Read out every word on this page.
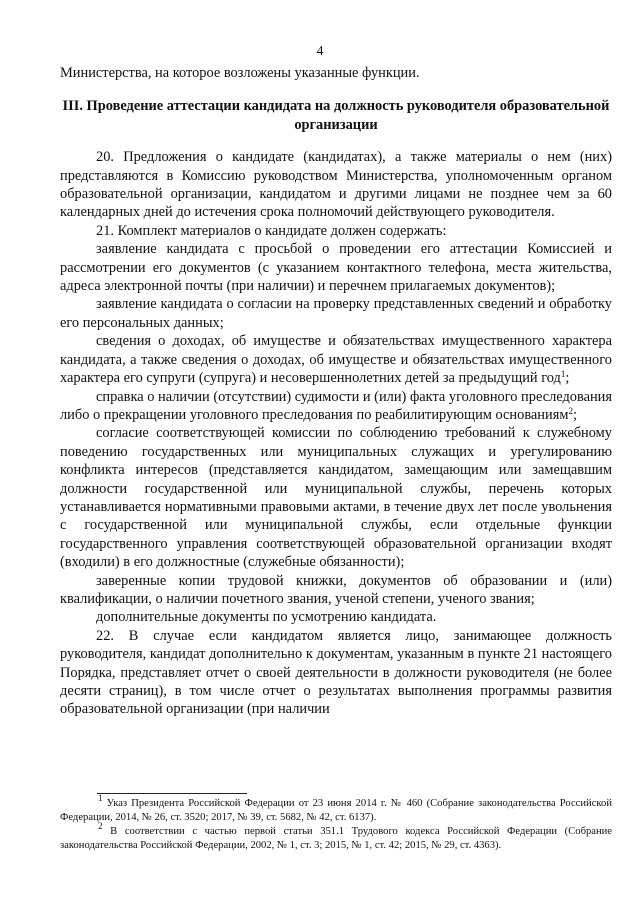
4

Министерства, на которое возложены указанные функции.

III. Проведение аттестации кандидата на должность руководителя образовательной организации

20. Предложения о кандидате (кандидатах), а также материалы о нем (них) представляются в Комиссию руководством Министерства, уполномоченным органом образовательной организации, кандидатом и другими лицами не позднее чем за 60 календарных дней до истечения срока полномочий действующего руководителя.

21. Комплект материалов о кандидате должен содержать:

заявление кандидата с просьбой о проведении его аттестации Комиссией и рассмотрении его документов (с указанием контактного телефона, места жительства, адреса электронной почты (при наличии) и перечнем прилагаемых документов);

заявление кандидата о согласии на проверку представленных сведений и обработку его персональных данных;

сведения о доходах, об имуществе и обязательствах имущественного характера кандидата, а также сведения о доходах, об имуществе и обязательствах имущественного характера его супруги (супруга) и несовершеннолетних детей за предыдущий год$^1$;

справка о наличии (отсутствии) судимости и (или) факта уголовного преследования либо о прекращении уголовного преследования по реабилитирующим основаниям$^2$;

согласие соответствующей комиссии по соблюдению требований к служебному поведению государственных или муниципальных служащих и урегулированию конфликта интересов (представляется кандидатом, замещающим или замещавшим должности государственной или муниципальной службы, перечень которых устанавливается нормативными правовыми актами, в течение двух лет после увольнения с государственной или муниципальной службы, если отдельные функции государственного управления соответствующей образовательной организации входят (входили) в его должностные (служебные обязанности);

заверенные копии трудовой книжки, документов об образовании и (или) квалификации, о наличии почетного звания, ученой степени, ученого звания;

дополнительные документы по усмотрению кандидата.

22. В случае если кандидатом является лицо, занимающее должность руководителя, кандидат дополнительно к документам, указанным в пункте 21 настоящего Порядка, представляет отчет о своей деятельности в должности руководителя (не более десяти страниц), в том числе отчет о результатах выполнения программы развития образовательной организации (при наличии

$^1$ Указ Президента Российской Федерации от 23 июня 2014 г. № 460 (Собрание законодательства Российской Федерации, 2014, № 26, ст. 3520; 2017, № 39, ст. 5682, № 42, ст. 6137).

$^2$ В соответствии с частью первой статьи 351.1 Трудового кодекса Российской Федерации (Собрание законодательства Российской Федерации, 2002, № 1, ст. 3; 2015, № 1, ст. 42; 2015, № 29, ст. 4363).
